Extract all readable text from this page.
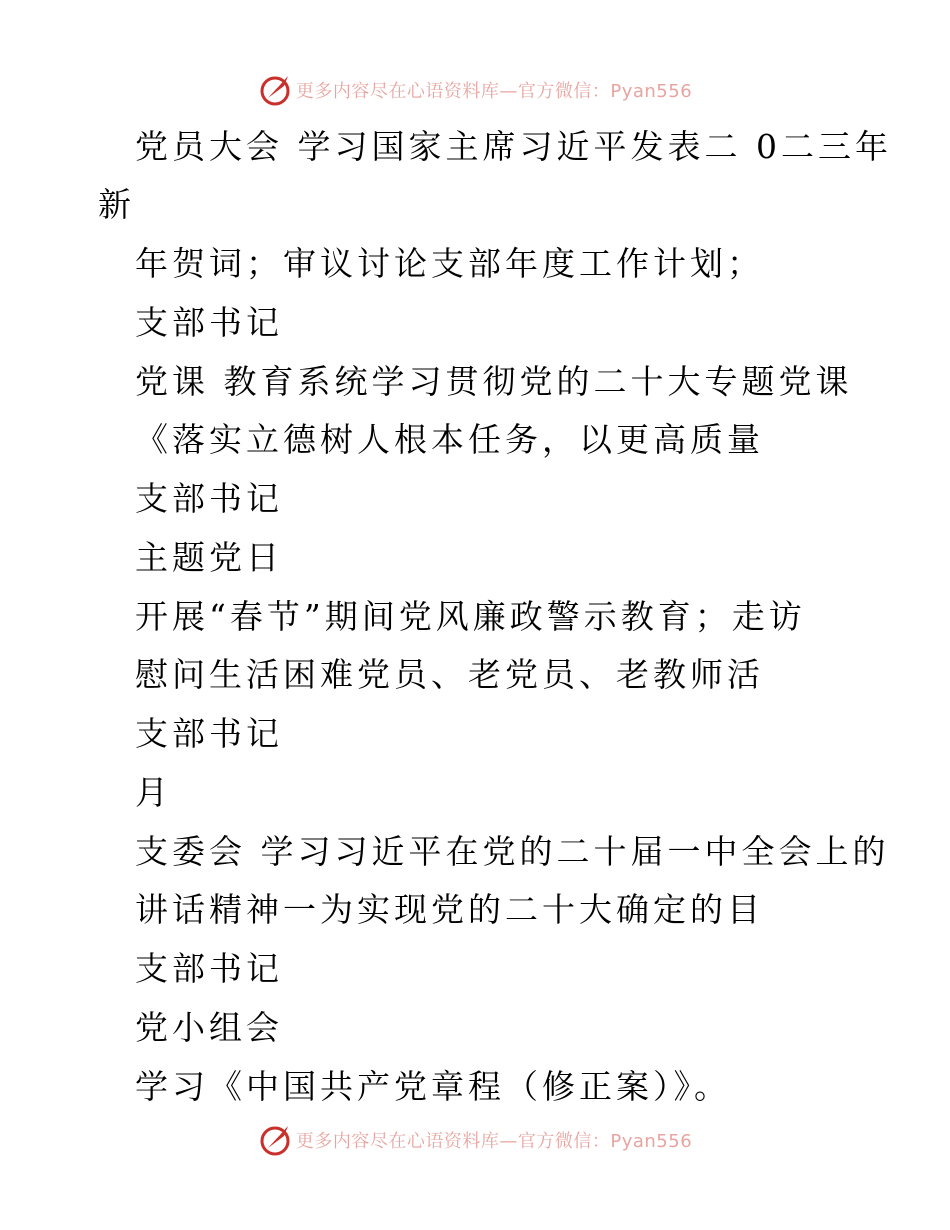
更多内容尽在心语资料库—官方微信：Pyan556
党员大会 学习国家主席习近平发表二 0二三年
新
年贺词；审议讨论支部年度工作计划；
支部书记
党课 教育系统学习贯彻党的二十大专题党课
《落实立德树人根本任务，以更高质量
支部书记
主题党日
开展“春节”期间党风廉政警示教育；走访
慰问生活困难党员、老党员、老教师活
支部书记
月
支委会 学习习近平在党的二十届一中全会上的
讲话精神一为实现党的二十大确定的目
支部书记
党小组会
学习《中国共产党章程（修正案）》。
更多内容尽在心语资料库—官方微信：Pyan556
